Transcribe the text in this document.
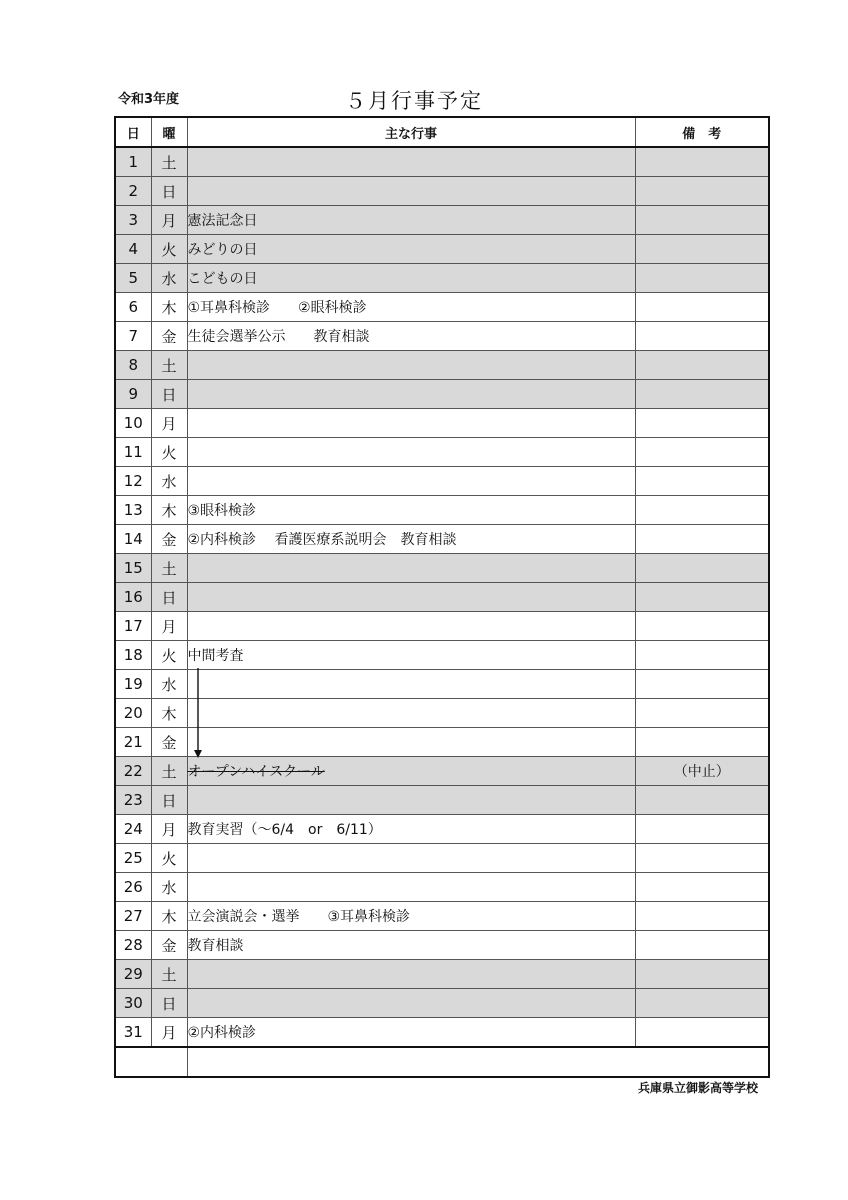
令和3年度	５月行事予定
日	曜	主な行事	備　考
1	土		
2	日		
3	月	憲法記念日	
4	火	みどりの日	
5	水	こどもの日	
6	木	①耳鼻科検診　　②眼科検診	
7	金	生徒会選挙公示　　教育相談	
8	土		
9	日		
10	月		
11	火		
12	水		
13	木	③眼科検診	
14	金	②内科検診　 看護医療系説明会　教育相談	
15	土		
16	日		
17	月		
18	火	中間考査	
19	水		
20	木		
21	金		
22	土	オープンハイスクール	（中止）
23	日		
24	月	教育実習（～6/4　or　6/11）	
25	火		
26	水		
27	木	立会演説会・選挙　　③耳鼻科検診	
28	金	教育相談	
29	土		
30	日		
31	月	②内科検診	

兵庫県立御影高等学校
